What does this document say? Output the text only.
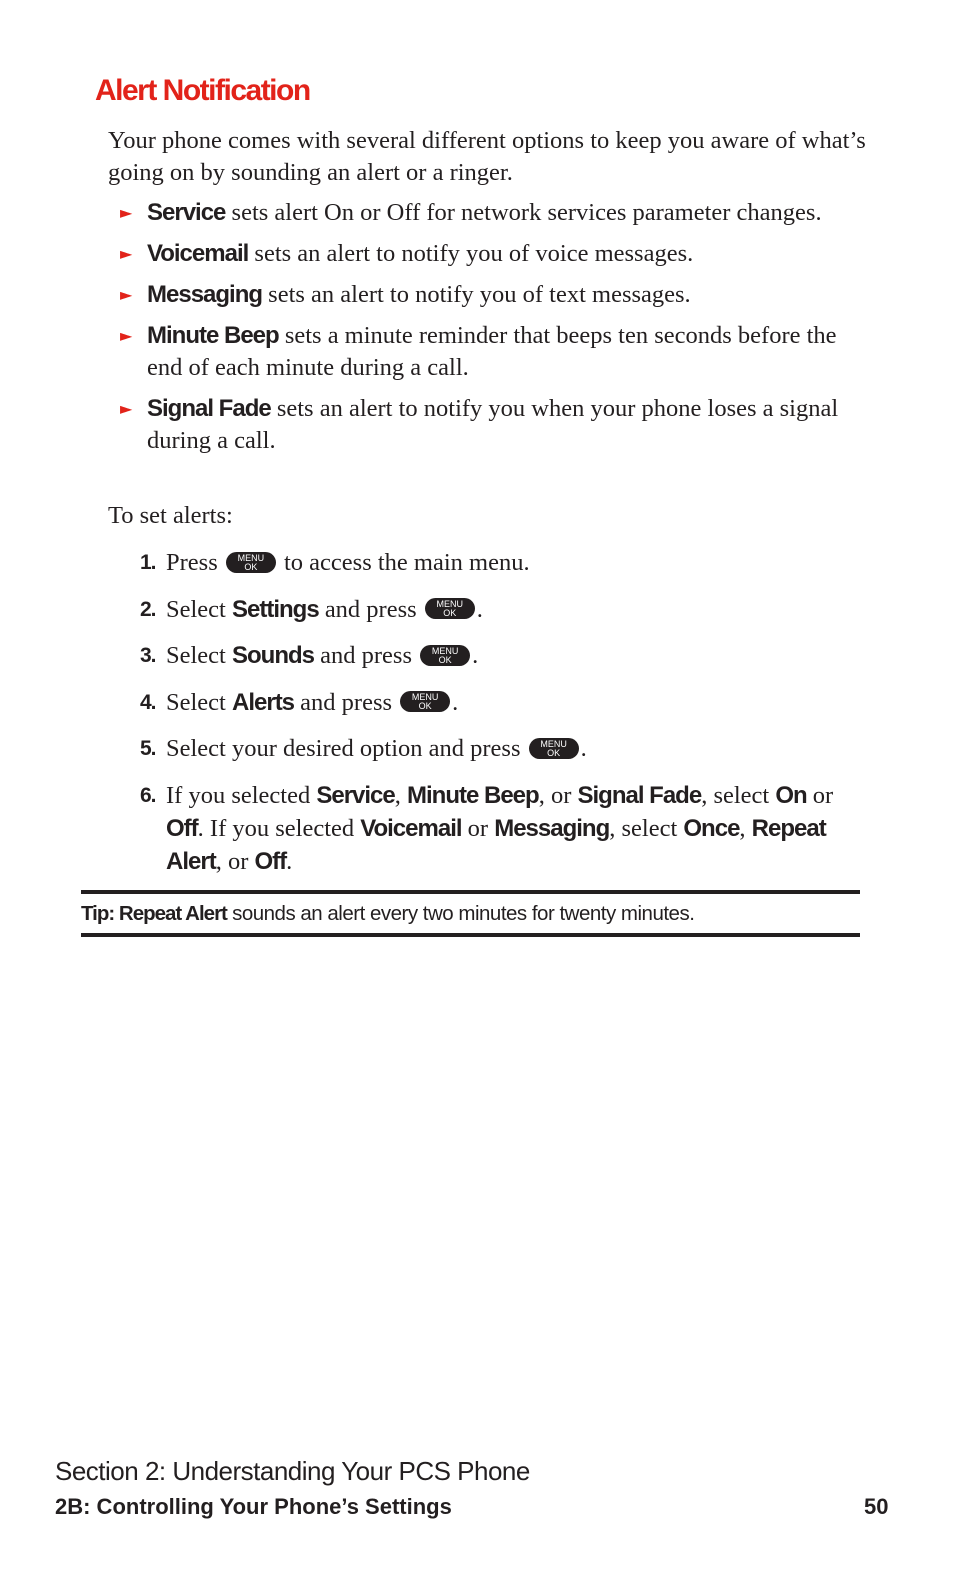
Alert Notification

Your phone comes with several different options to keep you aware of what’s going on by sounding an alert or a ringer.

► Service sets alert On or Off for network services parameter changes.
► Voicemail sets an alert to notify you of voice messages.
► Messaging sets an alert to notify you of text messages.
► Minute Beep sets a minute reminder that beeps ten seconds before the end of each minute during a call.
► Signal Fade sets an alert to notify you when your phone loses a signal during a call.

To set alerts:

1. Press	MENU
OK to access the main menu.
2. Select Settings and press	MENU
OK .
3. Select Sounds and press	MENU
OK .
4. Select Alerts and press	MENU
OK .
5. Select your desired option and press	MENU
OK .
6. If you selected Service, Minute Beep, or Signal Fade, select On or Off. If you selected Voicemail or Messaging, select Once, Repeat Alert, or Off.
Tip: Repeat Alert sounds an alert every two minutes for twenty minutes.

Section 2: Understanding Your PCS Phone

2B: Controlling Your Phone’s Settings	50
